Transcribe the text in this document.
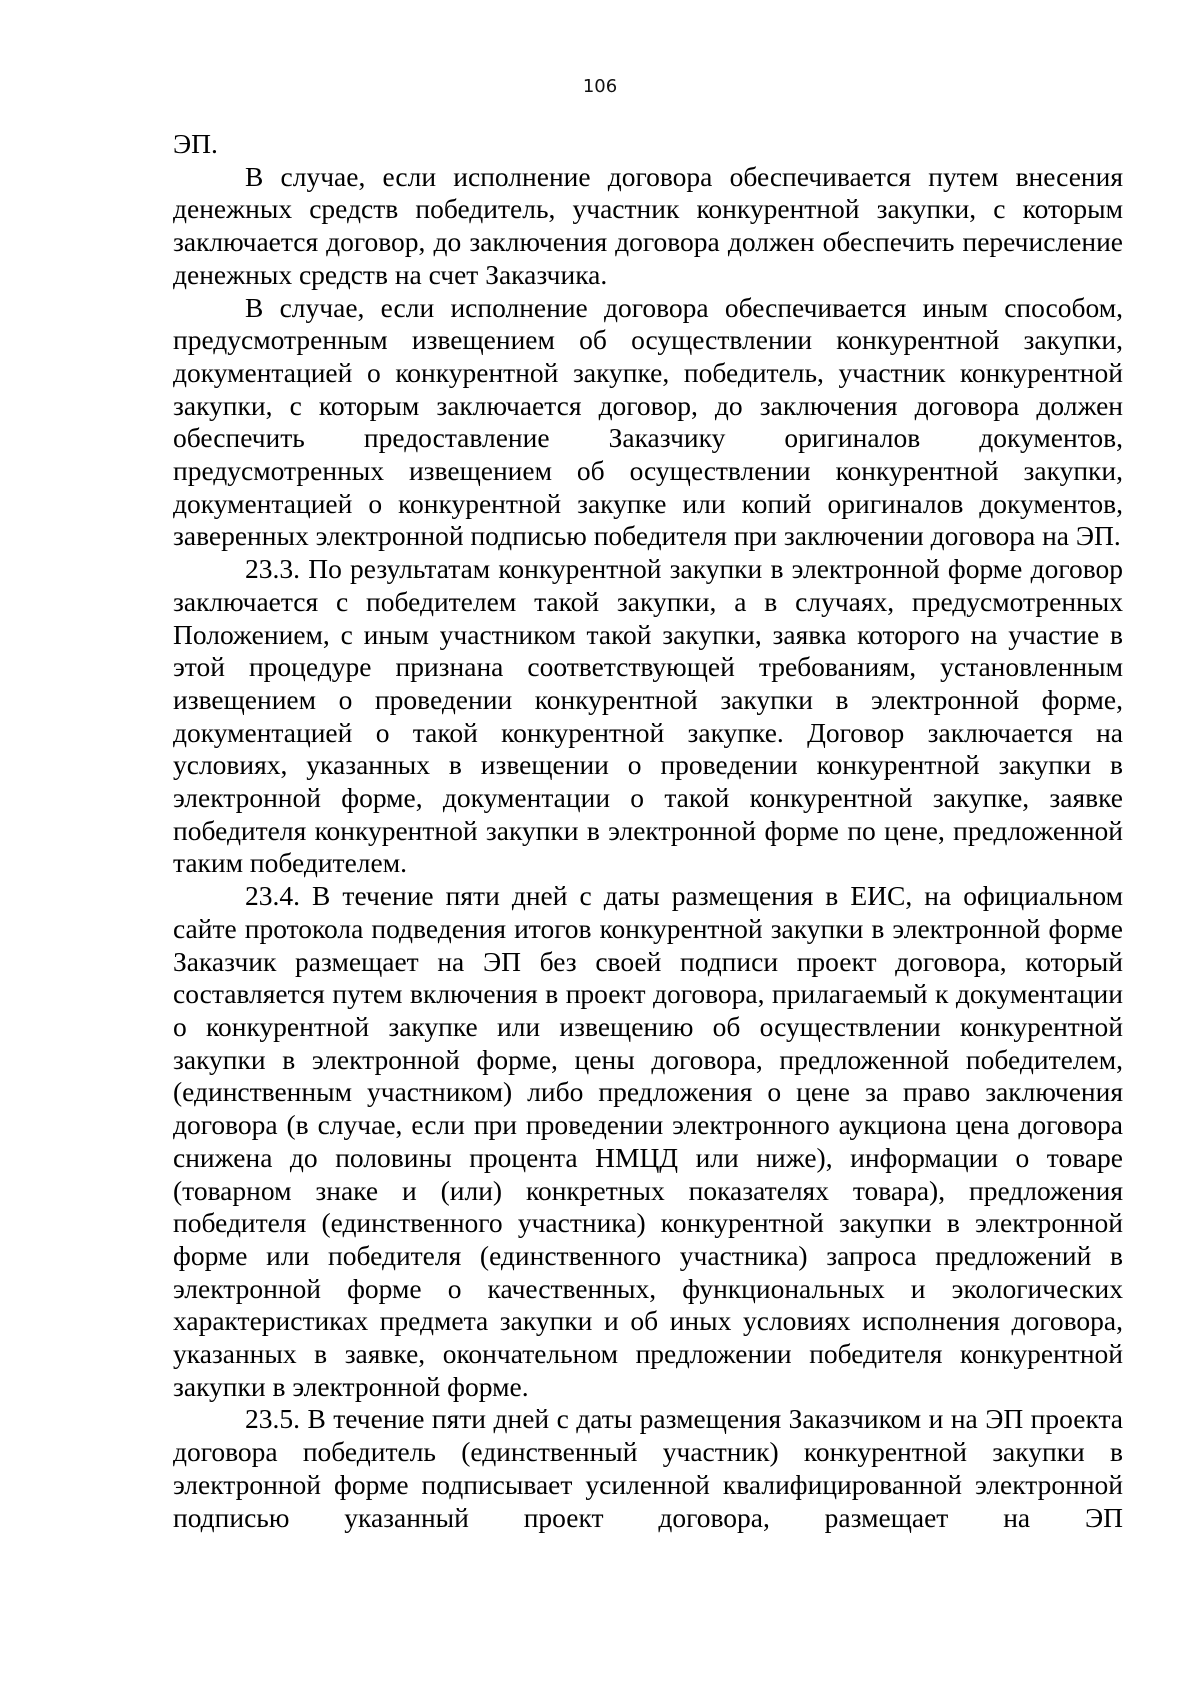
106

ЭП.

В случае, если исполнение договора обеспечивается путем внесения денежных средств победитель, участник конкурентной закупки, с которым заключается договор, до заключения договора должен обеспечить перечисление денежных средств на счет Заказчика.

В случае, если исполнение договора обеспечивается иным способом, предусмотренным извещением об осуществлении конкурентной закупки, документацией о конкурентной закупке, победитель, участник конкурентной закупки, с которым заключается договор, до заключения договора должен обеспечить предоставление Заказчику оригиналов документов, предусмотренных извещением об осуществлении конкурентной закупки, документацией о конкурентной закупке или копий оригиналов документов, заверенных электронной подписью победителя при заключении договора на ЭП.

23.3. По результатам конкурентной закупки в электронной форме договор заключается с победителем такой закупки, а в случаях, предусмотренных Положением, с иным участником такой закупки, заявка которого на участие в этой процедуре признана соответствующей требованиям, установленным извещением о проведении конкурентной закупки в электронной форме, документацией о такой конкурентной закупке. Договор заключается на условиях, указанных в извещении о проведении конкурентной закупки в электронной форме, документации о такой конкурентной закупке, заявке победителя конкурентной закупки в электронной форме по цене, предложенной таким победителем.

23.4. В течение пяти дней с даты размещения в ЕИС, на официальном сайте протокола подведения итогов конкурентной закупки в электронной форме Заказчик размещает на ЭП без своей подписи проект договора, который составляется путем включения в проект договора, прилагаемый к документации о конкурентной закупке или извещению об осуществлении конкурентной закупки в электронной форме, цены договора, предложенной победителем, (единственным участником) либо предложения о цене за право заключения договора (в случае, если при проведении электронного аукциона цена договора снижена до половины процента НМЦД или ниже), информации о товаре (товарном знаке и (или) конкретных показателях товара), предложения победителя (единственного участника) конкурентной закупки в электронной форме или победителя (единственного участника) запроса предложений в электронной форме о качественных, функциональных и экологических характеристиках предмета закупки и об иных условиях исполнения договора, указанных в заявке, окончательном предложении победителя конкурентной закупки в электронной форме.

23.5. В течение пяти дней с даты размещения Заказчиком и на ЭП проекта договора победитель (единственный участник) конкурентной закупки в электронной форме подписывает усиленной квалифицированной электронной подписью указанный проект договора, размещает на ЭП
